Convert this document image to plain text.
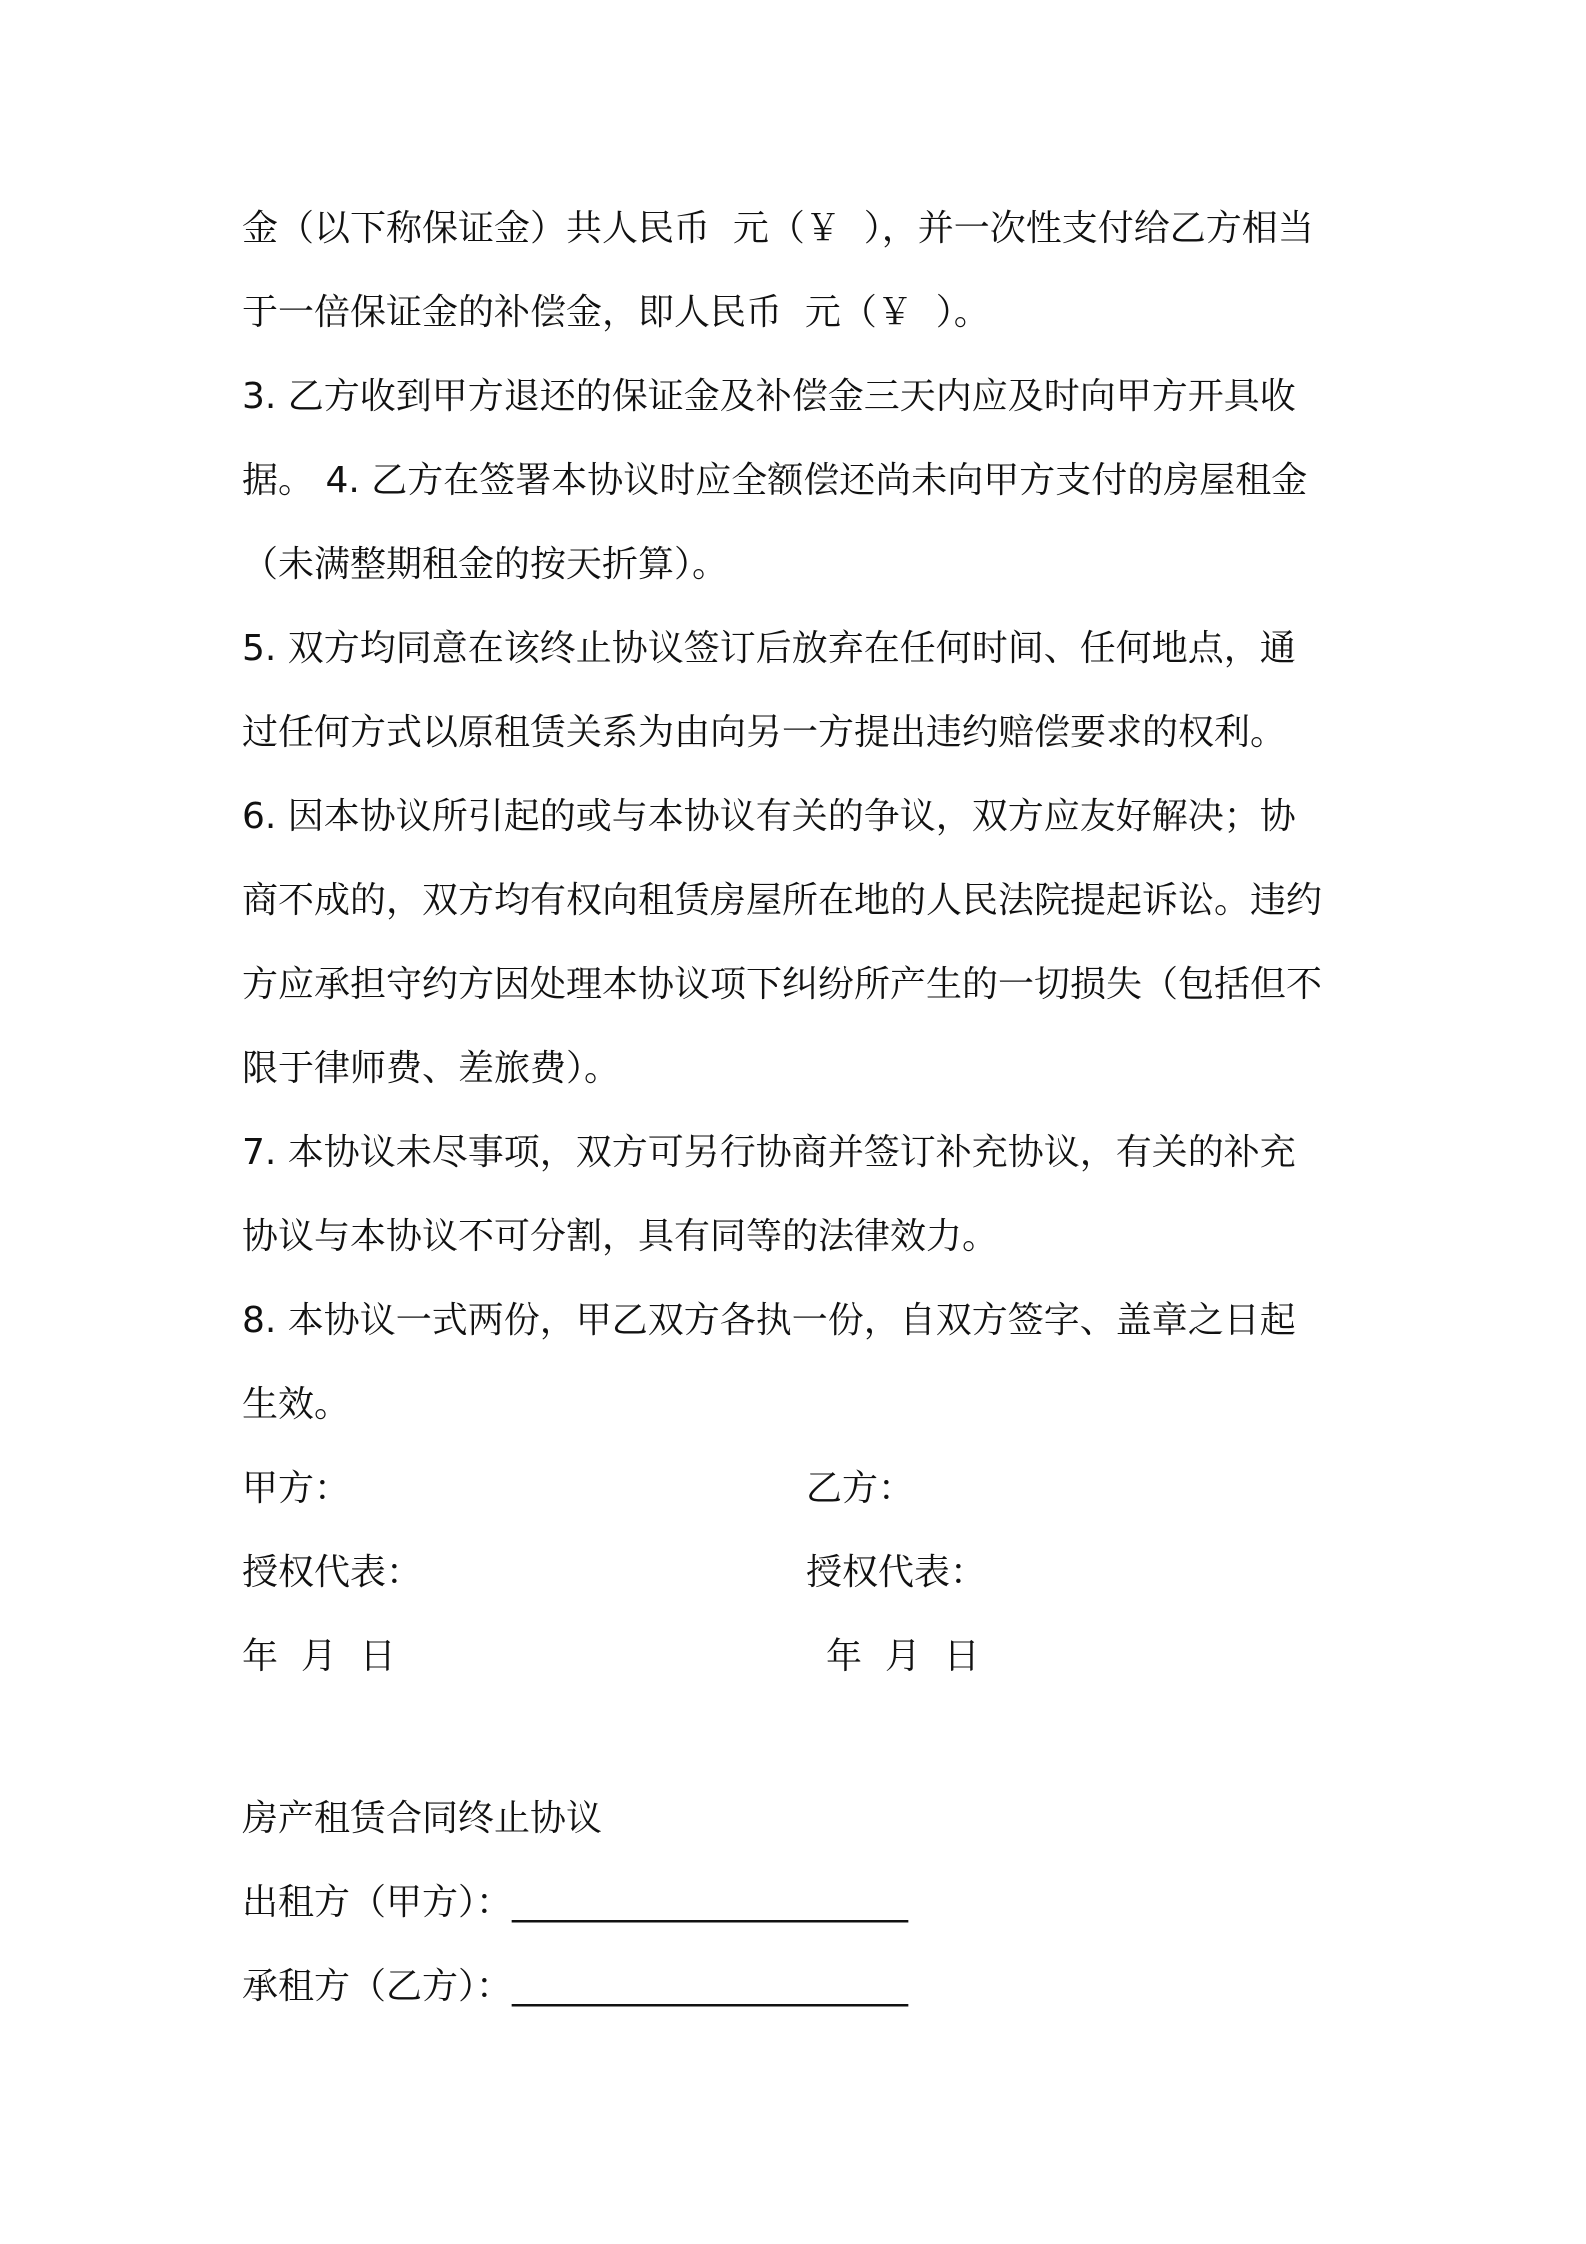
金（以下称保证金）共人民币  元（￥  ），并一次性支付给乙方相当
于一倍保证金的补偿金，即人民币  元（￥  ）。
3. 乙方收到甲方退还的保证金及补偿金三天内应及时向甲方开具收
据。 4. 乙方在签署本协议时应全额偿还尚未向甲方支付的房屋租金
（未满整期租金的按天折算）。
5. 双方均同意在该终止协议签订后放弃在任何时间、任何地点，通
过任何方式以原租赁关系为由向另一方提出违约赔偿要求的权利。
6. 因本协议所引起的或与本协议有关的争议，双方应友好解决；协
商不成的，双方均有权向租赁房屋所在地的人民法院提起诉讼。违约
方应承担守约方因处理本协议项下纠纷所产生的一切损失（包括但不
限于律师费、差旅费）。
7. 本协议未尽事项，双方可另行协商并签订补充协议，有关的补充
协议与本协议不可分割，具有同等的法律效力。
8. 本协议一式两份，甲乙双方各执一份，自双方签字、盖章之日起
生效。
甲方：	乙方：
授权代表：	授权代表：
年  月  日	年  月  日
房产租赁合同终止协议
出租方（甲方）：______________________
承租方（乙方）：______________________
